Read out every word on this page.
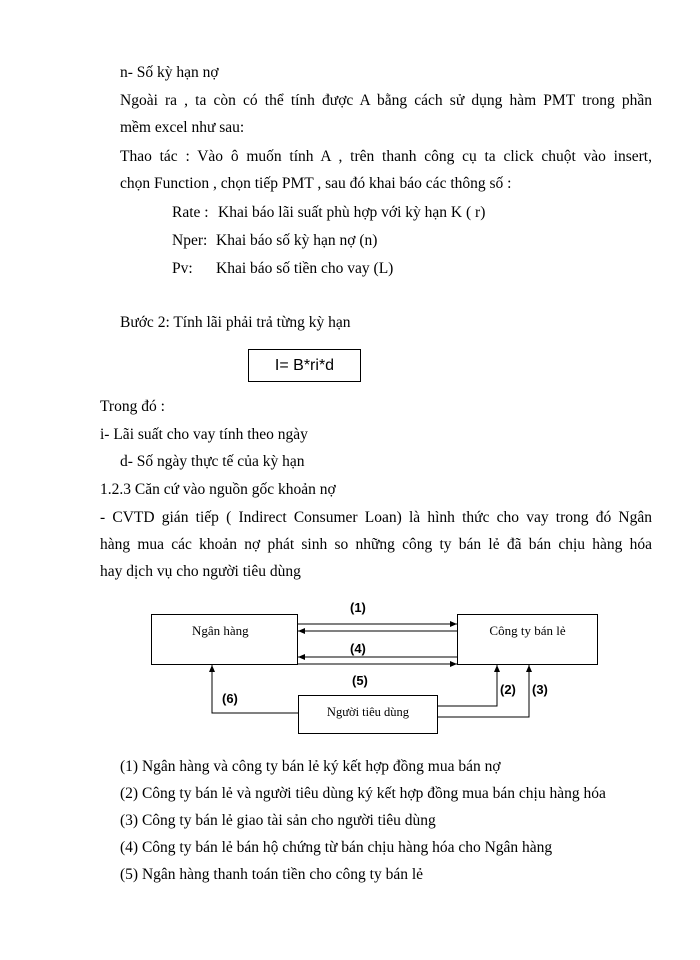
n- Số kỳ hạn nợ
Ngoài ra , ta còn có thể tính được A bằng cách sử dụng hàm PMT trong phần
mềm excel như sau:
Thao tác : Vào ô muốn tính A , trên thanh công cụ ta click chuột vào insert,
chọn Function , chọn tiếp PMT , sau đó khai báo các thông số :
Rate : Khai báo lãi suất phù hợp với kỳ hạn K ( r)
Nper: Khai báo số kỳ hạn nợ (n)
Pv: Khai báo số tiền cho vay (L)
Bước 2: Tính lãi phải trả từng kỳ hạn
I= B*ri*d
Trong đó :
i- Lãi suất cho vay tính theo ngày
d- Số ngày thực tế của kỳ hạn
1.2.3 Căn cứ vào nguồn gốc khoản nợ
- CVTD gián tiếp ( Indirect Consumer Loan) là hình thức cho vay trong đó Ngân
hàng mua các khoản nợ phát sinh so những công ty bán lẻ đã bán chịu hàng hóa
hay dịch vụ cho người tiêu dùng
Ngân hàng	Công ty bán lẻ
Người tiêu dùng
(1)
(4)
(5)
(6)
(2) (3)
(1) Ngân hàng và công ty bán lẻ ký kết hợp đồng mua bán nợ
(2) Công ty bán lẻ và người tiêu dùng ký kết hợp đồng mua bán chịu hàng hóa
(3) Công ty bán lẻ giao tài sản cho người tiêu dùng
(4) Công ty bán lẻ bán hộ chứng từ bán chịu hàng hóa cho Ngân hàng
(5) Ngân hàng thanh toán tiền cho công ty bán lẻ
